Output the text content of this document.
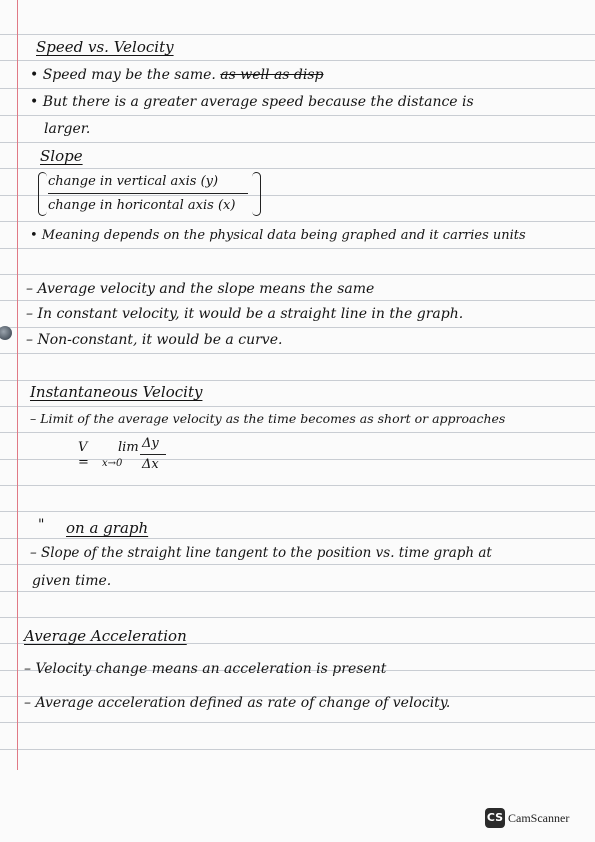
Speed vs. Velocity
• Speed may be the same. as well as disp
• But there is a greater average speed because the distance is
larger.
Slope
change in vertical axis (y)
change in horicontal axis (x)
• Meaning depends on the physical data being graphed and it carries units
– Average velocity and the slope means the same
– In constant velocity, it would be a straight line in the graph.
– Non-constant, it would be a curve.
Instantaneous Velocity
– Limit of the average velocity as the time becomes as short or approaches
V =
lim
x→0
Δy
Δx
" on a graph
– Slope of the straight line tangent to the position vs. time graph at
given time.
Average Acceleration
– Velocity change means an acceleration is present
– Average acceleration defined as rate of change of velocity.
CS CamScanner
